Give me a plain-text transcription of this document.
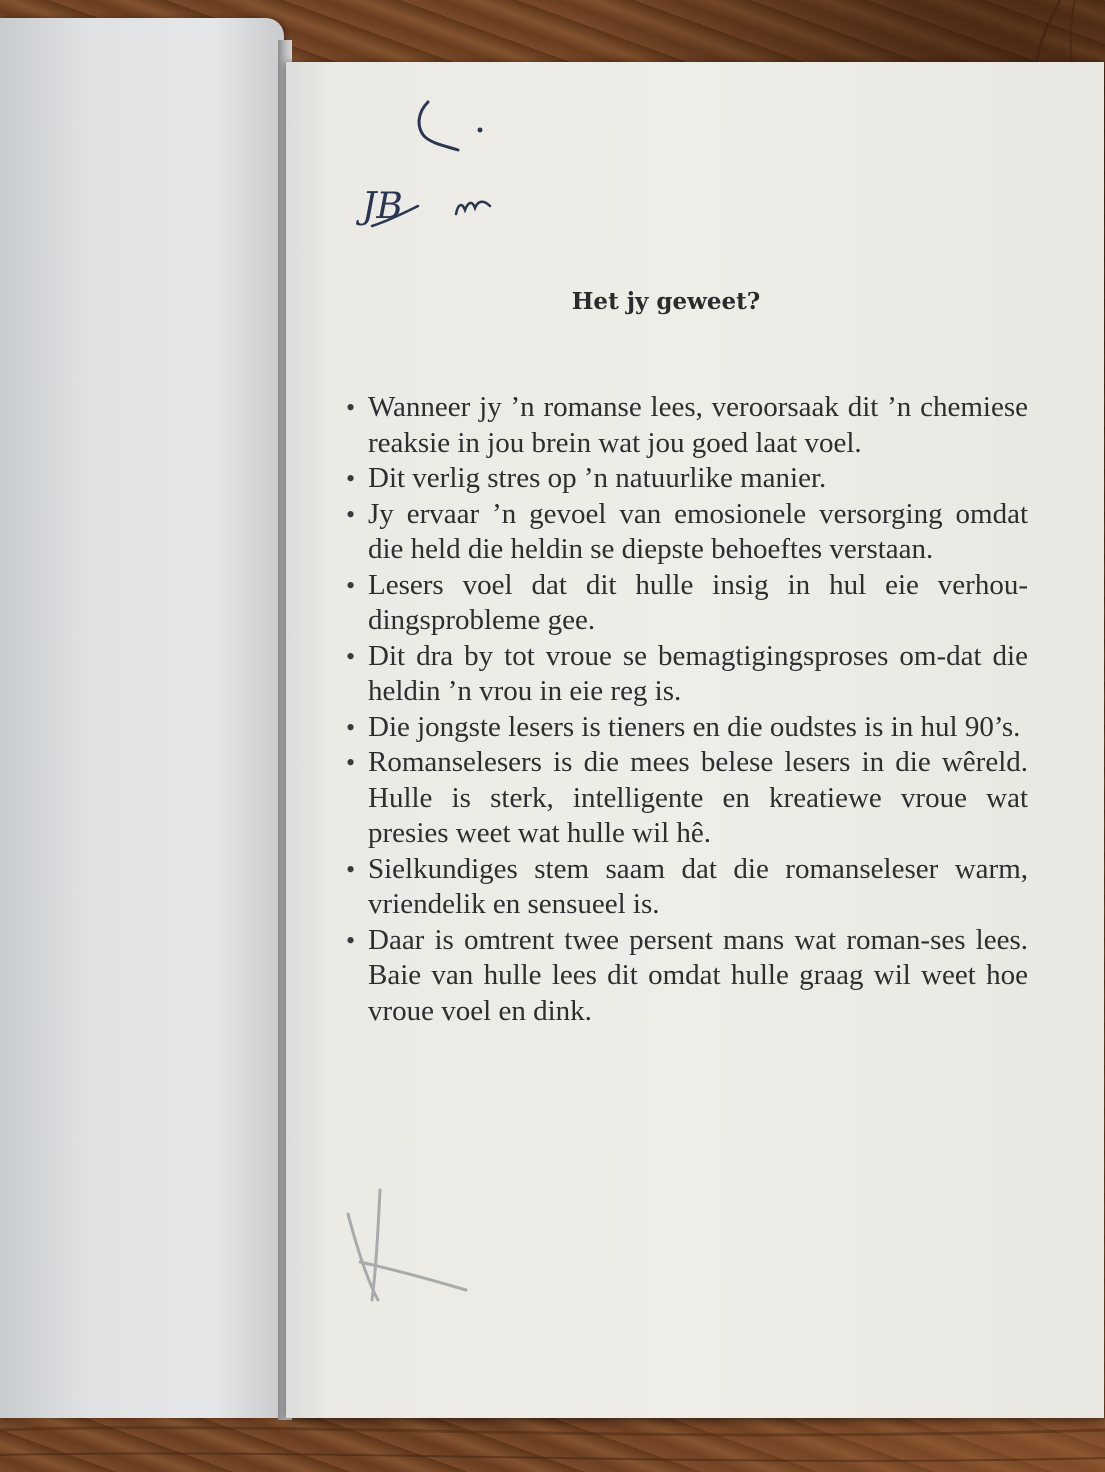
Het jy geweet?
• Wanneer jy ’n romanse lees, veroorsaak dit ’n chemiese reaksie in jou brein wat jou goed laat voel.
• Dit verlig stres op ’n natuurlike manier.
• Jy ervaar ’n gevoel van emosionele versorging omdat die held die heldin se diepste behoeftes verstaan.
• Lesers voel dat dit hulle insig in hul eie verhou-dingsprobleme gee.
• Dit dra by tot vroue se bemagtigingsproses om-dat die heldin ’n vrou in eie reg is.
• Die jongste lesers is tieners en die oudstes is in hul 90’s.
• Romanselesers is die mees belese lesers in die wêreld. Hulle is sterk, intelligente en kreatiewe vroue wat presies weet wat hulle wil hê.
• Sielkundiges stem saam dat die romanseleser warm, vriendelik en sensueel is.
• Daar is omtrent twee persent mans wat roman-ses lees. Baie van hulle lees dit omdat hulle graag wil weet hoe vroue voel en dink.
JB
